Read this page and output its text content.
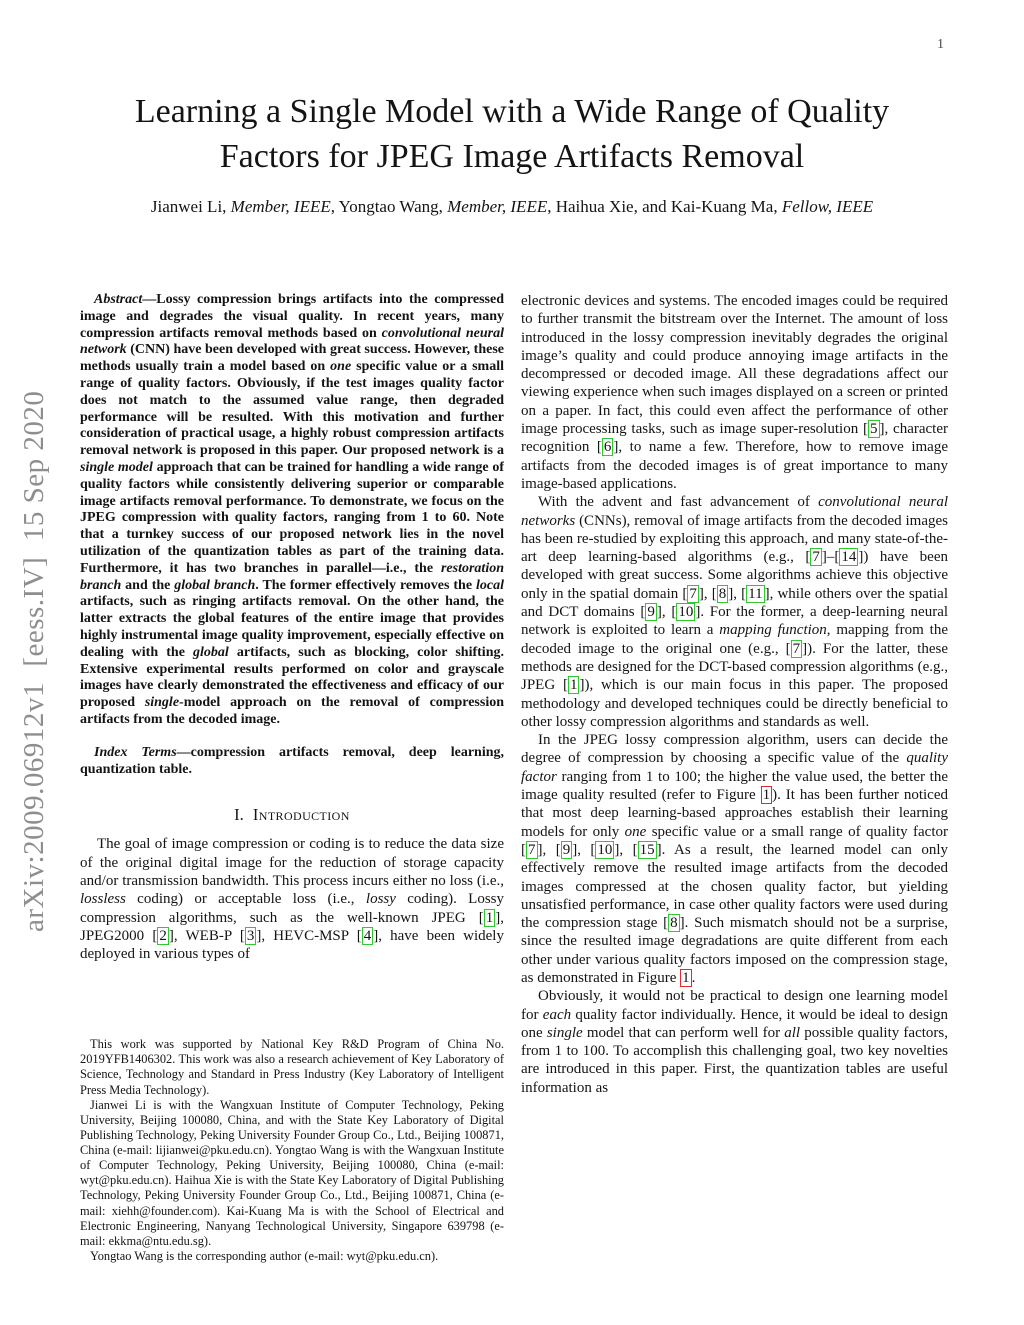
1
arXiv:2009.06912v1  [eess.IV]  15 Sep 2020
Learning a Single Model with a Wide Range of Quality Factors for JPEG Image Artifacts Removal
Jianwei Li, Member, IEEE, Yongtao Wang, Member, IEEE, Haihua Xie, and Kai-Kuang Ma, Fellow, IEEE

Abstract—Lossy compression brings artifacts into the compressed image and degrades the visual quality. In recent years, many compression artifacts removal methods based on convolutional neural network (CNN) have been developed with great success. However, these methods usually train a model based on one specific value or a small range of quality factors. Obviously, if the test images quality factor does not match to the assumed value range, then degraded performance will be resulted. With this motivation and further consideration of practical usage, a highly robust compression artifacts removal network is proposed in this paper. Our proposed network is a single model approach that can be trained for handling a wide range of quality factors while consistently delivering superior or comparable image artifacts removal performance. To demonstrate, we focus on the JPEG compression with quality factors, ranging from 1 to 60. Note that a turnkey success of our proposed network lies in the novel utilization of the quantization tables as part of the training data. Furthermore, it has two branches in parallel—i.e., the restoration branch and the global branch. The former effectively removes the local artifacts, such as ringing artifacts removal. On the other hand, the latter extracts the global features of the entire image that provides highly instrumental image quality improvement, especially effective on dealing with the global artifacts, such as blocking, color shifting. Extensive experimental results performed on color and grayscale images have clearly demonstrated the effectiveness and efficacy of our proposed single-model approach on the removal of compression artifacts from the decoded image.

Index Terms—compression artifacts removal, deep learning, quantization table.

I. Introduction

The goal of image compression or coding is to reduce the data size of the original digital image for the reduction of storage capacity and/or transmission bandwidth. This process incurs either no loss (i.e., lossless coding) or acceptable loss (i.e., lossy coding). Lossy compression algorithms, such as the well-known JPEG [ 1 ], JPEG2000 [ 2 ], WEB-P [ 3 ], HEVC-MSP [ 4 ], have been widely deployed in various types of

This work was supported by National Key R&D Program of China No. 2019YFB1406302. This work was also a research achievement of Key Laboratory of Science, Technology and Standard in Press Industry (Key Laboratory of Intelligent Press Media Technology).

Jianwei Li is with the Wangxuan Institute of Computer Technology, Peking University, Beijing 100080, China, and with the State Key Laboratory of Digital Publishing Technology, Peking University Founder Group Co., Ltd., Beijing 100871, China (e-mail: lijianwei@pku.edu.cn). Yongtao Wang is with the Wangxuan Institute of Computer Technology, Peking University, Beijing 100080, China (e-mail: wyt@pku.edu.cn). Haihua Xie is with the State Key Laboratory of Digital Publishing Technology, Peking University Founder Group Co., Ltd., Beijing 100871, China (e-mail: xiehh@founder.com). Kai-Kuang Ma is with the School of Electrical and Electronic Engineering, Nanyang Technological University, Singapore 639798 (e-mail: ekkma@ntu.edu.sg).

Yongtao Wang is the corresponding author (e-mail: wyt@pku.edu.cn).

electronic devices and systems. The encoded images could be required to further transmit the bitstream over the Internet. The amount of loss introduced in the lossy compression inevitably degrades the original image’s quality and could produce annoying image artifacts in the decompressed or decoded image. All these degradations affect our viewing experience when such images displayed on a screen or printed on a paper. In fact, this could even affect the performance of other image processing tasks, such as image super-resolution [ 5 ], character recognition [ 6 ], to name a few. Therefore, how to remove image artifacts from the decoded images is of great importance to many image-based applications.

With the advent and fast advancement of convolutional neural networks (CNNs), removal of image artifacts from the decoded images has been re-studied by exploiting this approach, and many state-of-the-art deep learning-based algorithms (e.g., [ 7 ]–[ 14 ]) have been developed with great success. Some algorithms achieve this objective only in the spatial domain [ 7 ], [ 8 ], [ 11 ], while others over the spatial and DCT domains [ 9 ], [ 10 ]. For the former, a deep-learning neural network is exploited to learn a mapping function, mapping from the decoded image to the original one (e.g., [ 7 ]). For the latter, these methods are designed for the DCT-based compression algorithms (e.g., JPEG [ 1 ]), which is our main focus in this paper. The proposed methodology and developed techniques could be directly beneficial to other lossy compression algorithms and standards as well.

In the JPEG lossy compression algorithm, users can decide the degree of compression by choosing a specific value of the quality factor ranging from 1 to 100; the higher the value used, the better the image quality resulted (refer to Figure 1 ). It has been further noticed that most deep learning-based approaches establish their learning models for only one specific value or a small range of quality factor [ 7 ], [ 9 ], [ 10 ], [ 15 ]. As a result, the learned model can only effectively remove the resulted image artifacts from the decoded images compressed at the chosen quality factor, but yielding unsatisfied performance, in case other quality factors were used during the compression stage [ 8 ]. Such mismatch should not be a surprise, since the resulted image degradations are quite different from each other under various quality factors imposed on the compression stage, as demonstrated in Figure 1 .

Obviously, it would not be practical to design one learning model for each quality factor individually. Hence, it would be ideal to design one single model that can perform well for all possible quality factors, from 1 to 100. To accomplish this challenging goal, two key novelties are introduced in this paper. First, the quantization tables are useful information as
